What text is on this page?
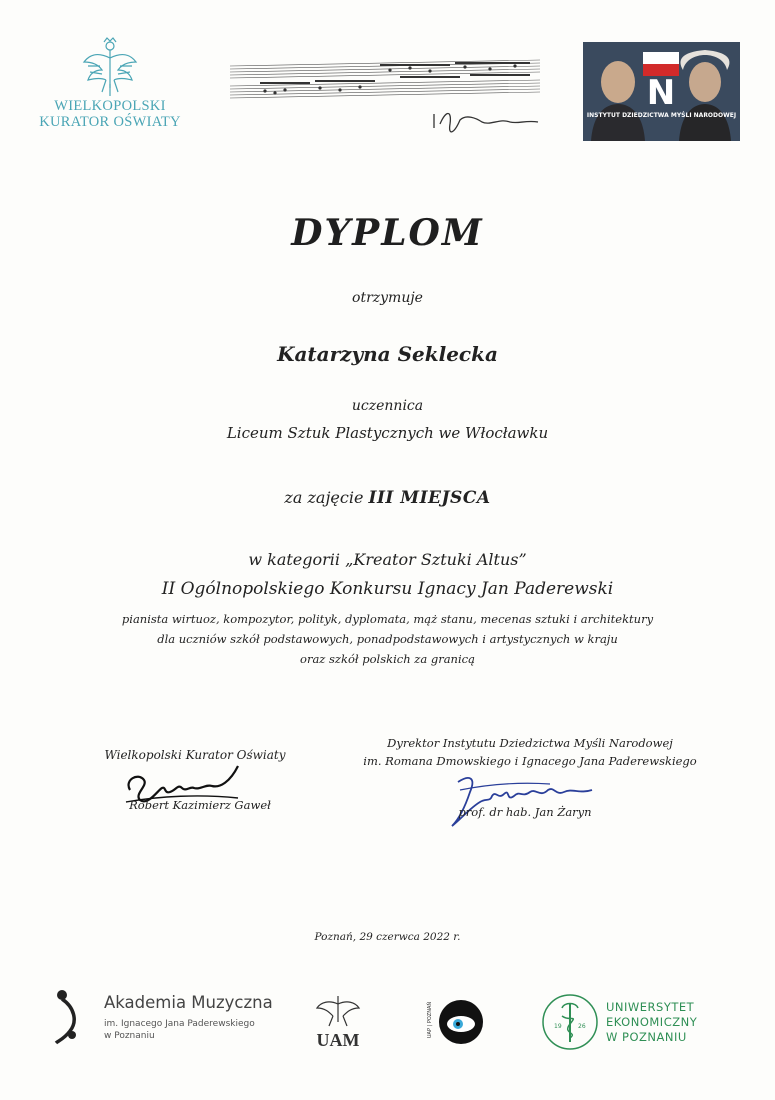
WIELKOPOLSKI
KURATOR OŚWIATY
N
INSTYTUT DZIEDZICTWA MYŚLI NARODOWEJ
DYPLOM
otrzymuje
Katarzyna Seklecka
uczennica
Liceum Sztuk Plastycznych we Włocławku
za zajęcie III MIEJSCA
w kategorii „Kreator Sztuki Altus”
II Ogólnopolskiego Konkursu Ignacy Jan Paderewski
pianista wirtuoz, kompozytor, polityk, dyplomata, mąż stanu, mecenas sztuki i architektury
dla uczniów szkół podstawowych, ponadpodstawowych i artystycznych w kraju
oraz szkół polskich za granicą
Wielkopolski Kurator Oświaty
Robert Kazimierz Gaweł
Dyrektor Instytutu Dziedzictwa Myśli Narodowej
im. Romana Dmowskiego i Ignacego Jana Paderewskiego
prof. dr hab. Jan Żaryn
Poznań, 29 czerwca 2022 r.
Akademia Muzyczna
im. Ignacego Jana Paderewskiego
w Poznaniu	UAM
UAP | POZNAŃ	19	26
UNIWERSYTET
EKONOMICZNY
W POZNANIU
